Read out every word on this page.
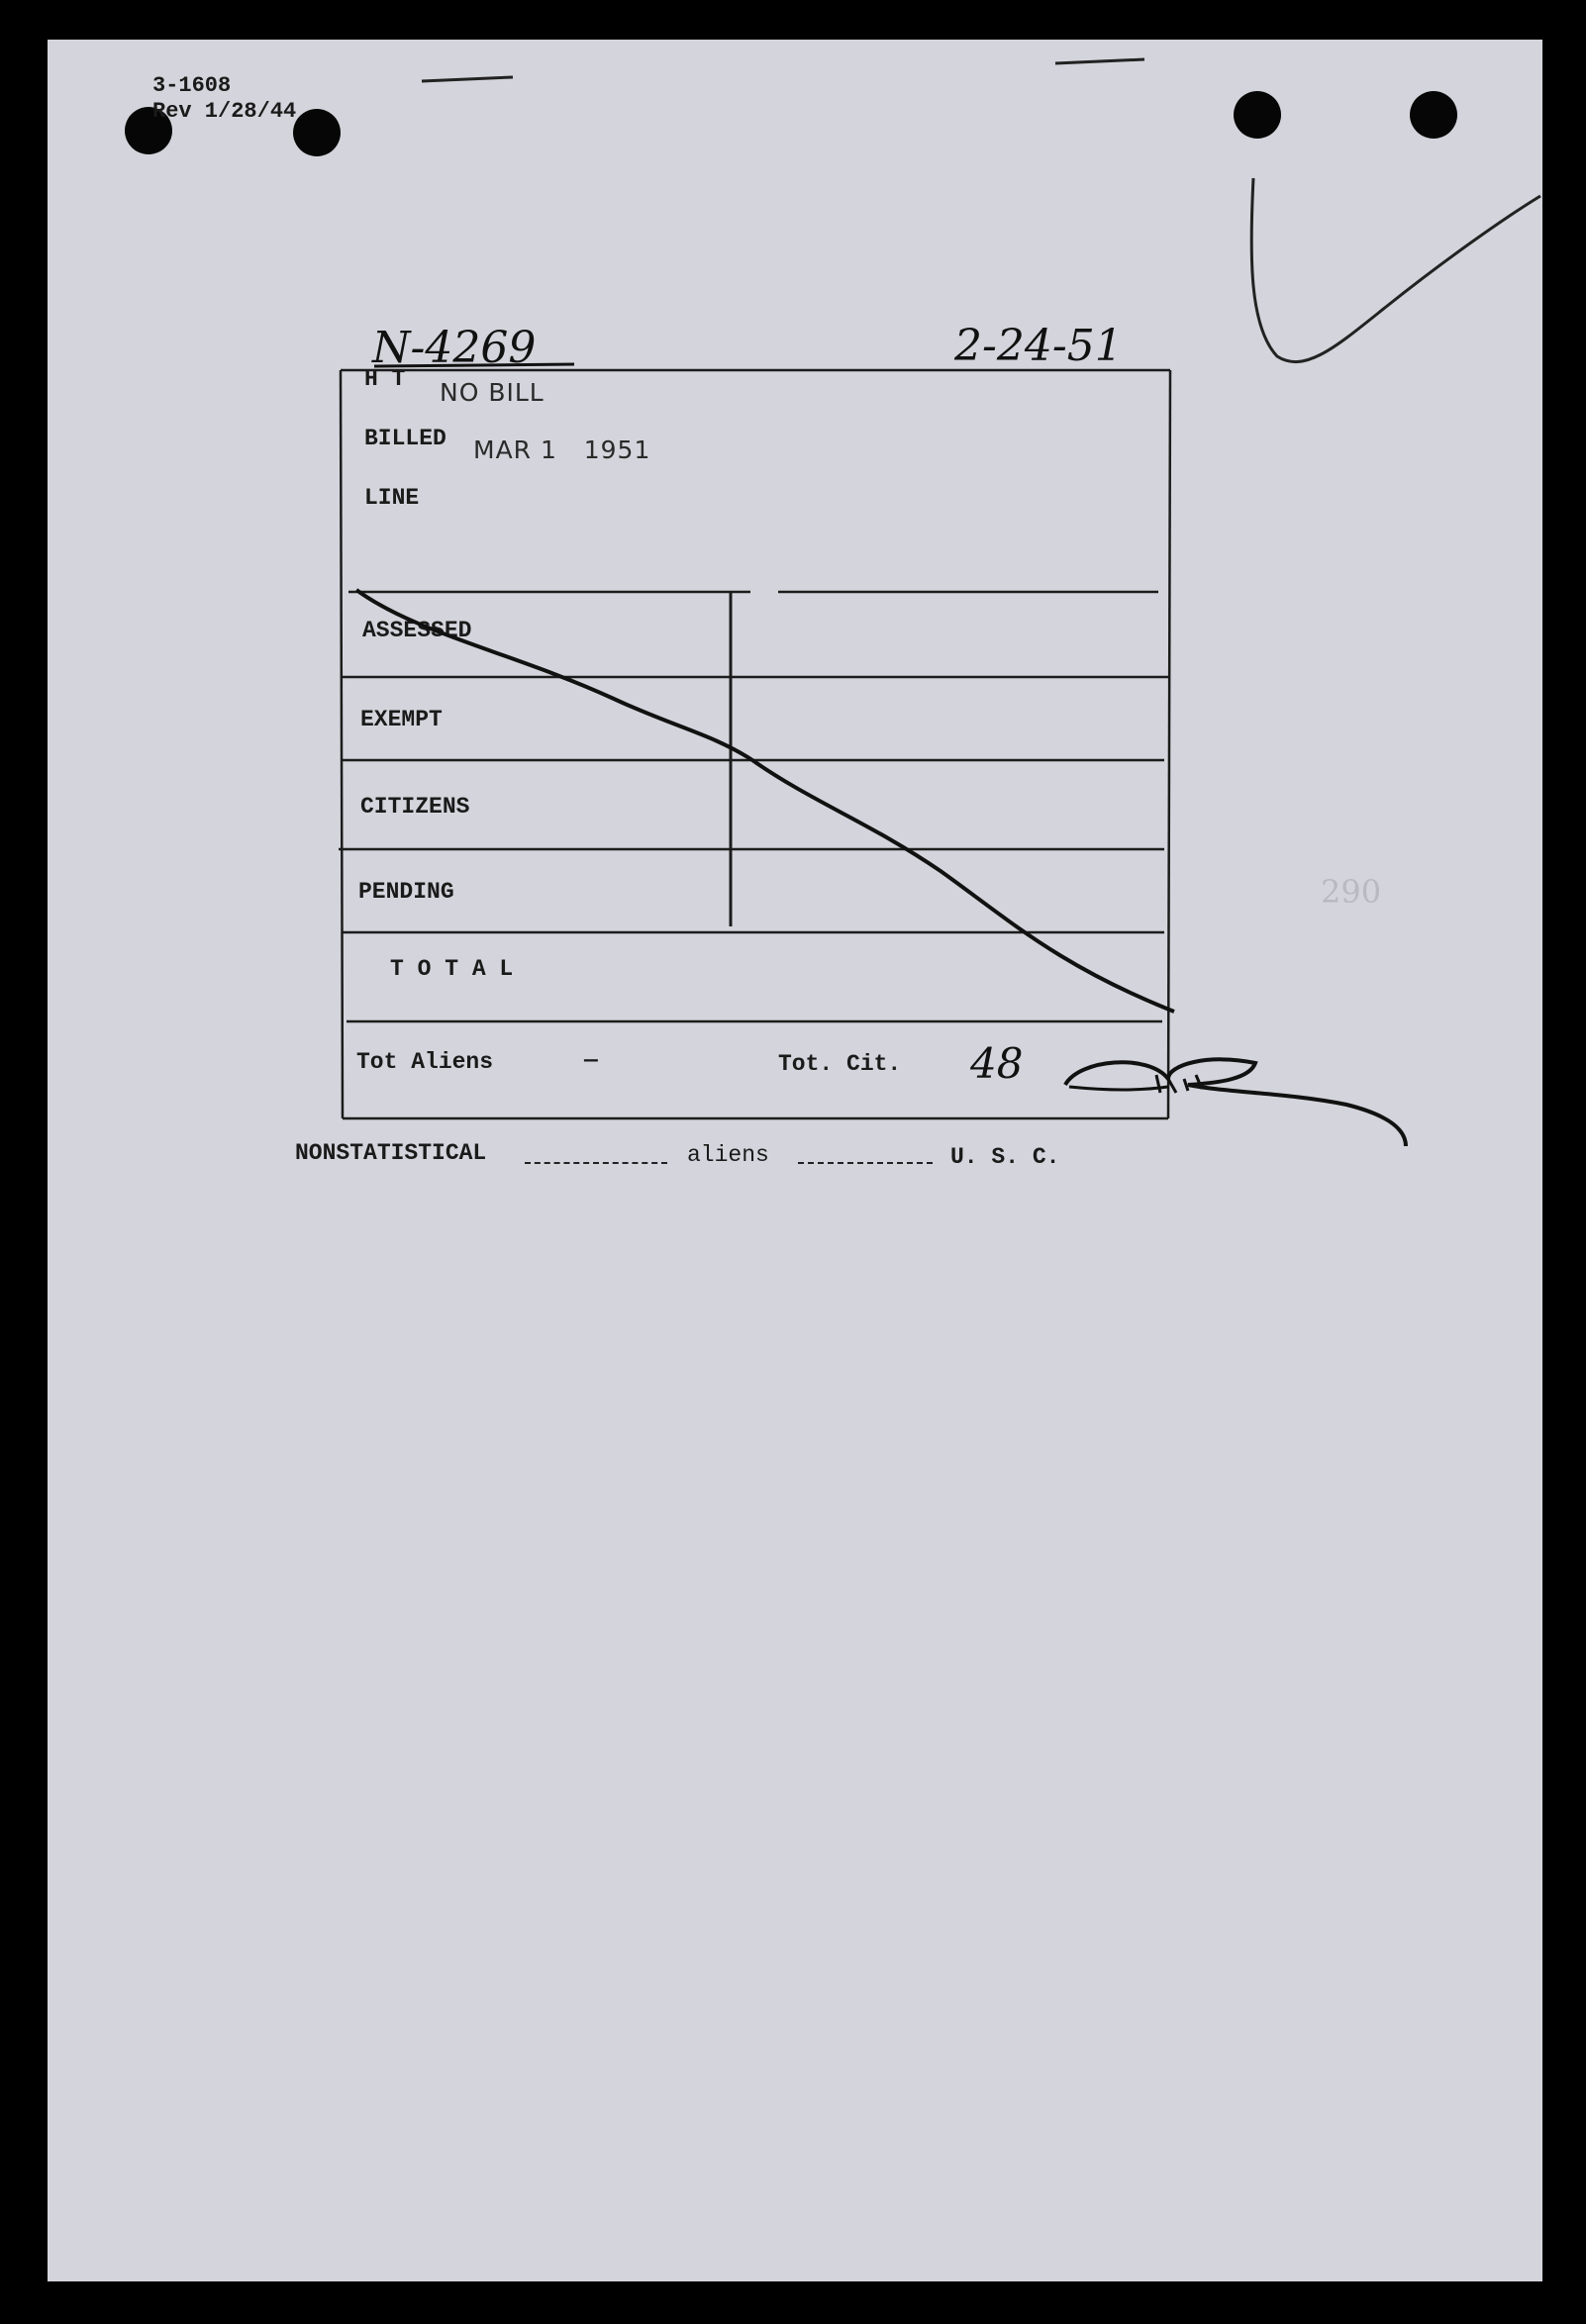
3-1608
Rev 1/28/44
N-4269	2-24-51
H T NO BILL
BILLED MAR 1   1951
LINE
ASSESSED
EXEMPT
CITIZENS
PENDING
T O T A L
Tot Aliens	—	Tot. Cit. 48
NONSTATISTICAL	aliens	U. S. C.
290
